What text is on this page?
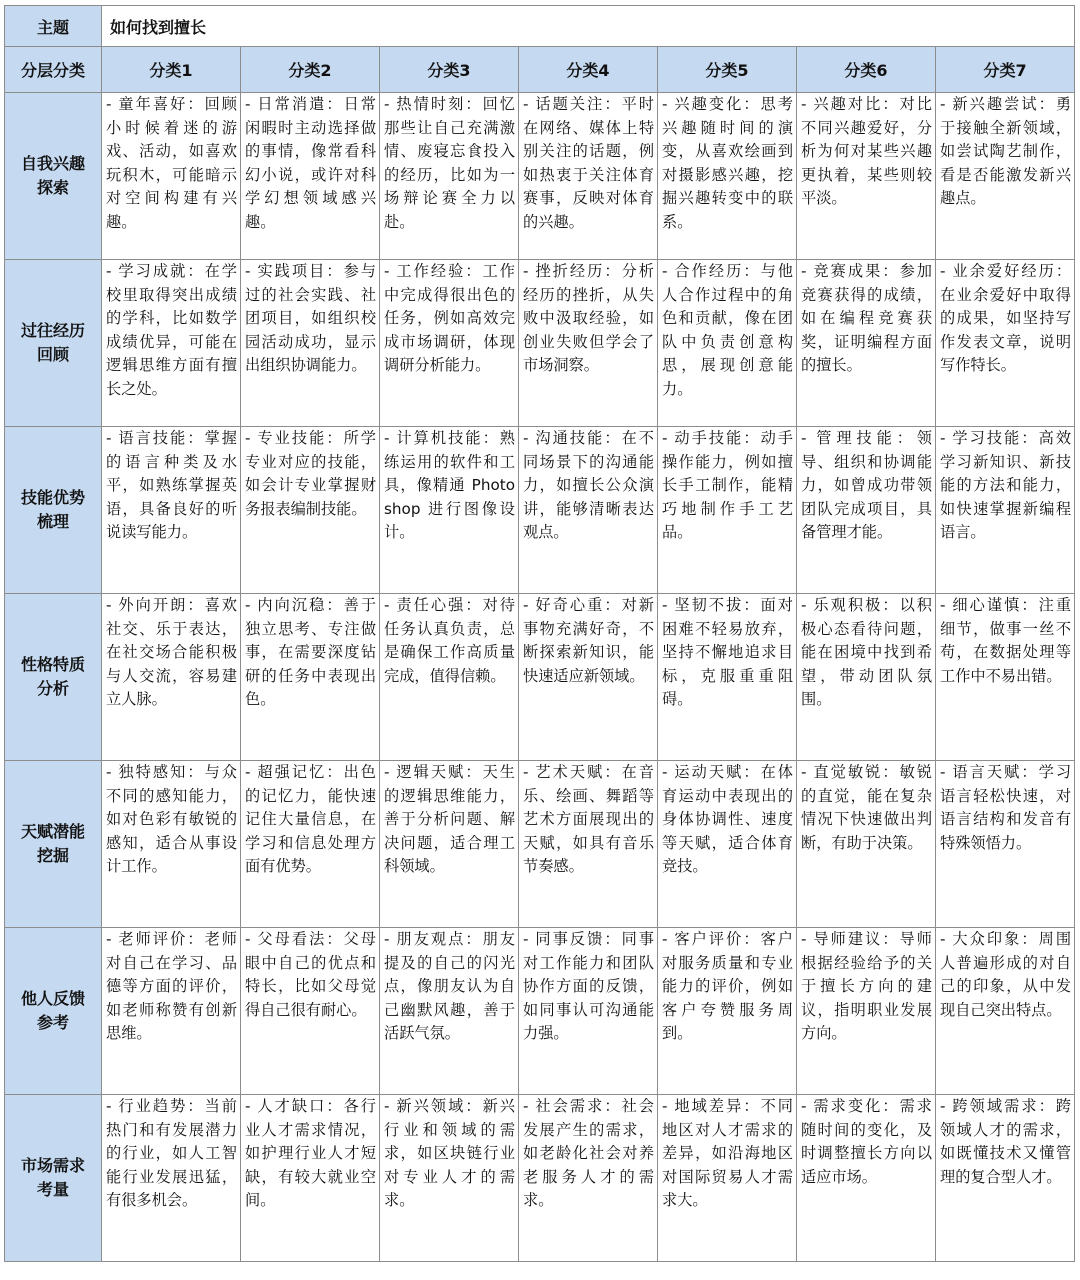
主题	如何找到擅长						
分层分类	分类1	分类2	分类3	分类4	分类5	分类6	分类7

自我兴趣
探索	- 童年喜好：回顾小时候着迷的游戏、活动，如喜欢玩积木，可能暗示对空间构建有兴趣。	- 日常消遣：日常闲暇时主动选择做的事情，像常看科幻小说，或许对科学幻想领域感兴趣。	- 热情时刻：回忆那些让自己充满激情、废寝忘食投入的经历，比如为一场辩论赛全力以赴。	- 话题关注：平时在网络、媒体上特别关注的话题，例如热衷于关注体育赛事，反映对体育的兴趣。	- 兴趣变化：思考兴趣随时间的演变，从喜欢绘画到对摄影感兴趣，挖掘兴趣转变中的联系。	- 兴趣对比：对比不同兴趣爱好，分析为何对某些兴趣更执着，某些则较平淡。	- 新兴趣尝试：勇于接触全新领域，如尝试陶艺制作，看是否能激发新兴趣点。

过往经历
回顾	- 学习成就：在学校里取得突出成绩的学科，比如数学成绩优异，可能在逻辑思维方面有擅长之处。	- 实践项目：参与过的社会实践、社团项目，如组织校园活动成功，显示出组织协调能力。	- 工作经验：工作中完成得很出色的任务，例如高效完成市场调研，体现调研分析能力。	- 挫折经历：分析经历的挫折，从失败中汲取经验，如创业失败但学会了市场洞察。	- 合作经历：与他人合作过程中的角色和贡献，像在团队中负责创意构思，展现创意能力。	- 竞赛成果：参加竞赛获得的成绩，如在编程竞赛获奖，证明编程方面的擅长。	- 业余爱好经历：在业余爱好中取得的成果，如坚持写作发表文章，说明写作特长。

技能优势
梳理	- 语言技能：掌握的语言种类及水平，如熟练掌握英语，具备良好的听说读写能力。	- 专业技能：所学专业对应的技能，如会计专业掌握财务报表编制技能。	- 计算机技能：熟练运用的软件和工具，像精通 Photoshop 进行图像设计。	- 沟通技能：在不同场景下的沟通能力，如擅长公众演讲，能够清晰表达观点。	- 动手技能：动手操作能力，例如擅长手工制作，能精巧地制作手工艺品。	- 管理技能：领导、组织和协调能力，如曾成功带领团队完成项目，具备管理才能。	- 学习技能：高效学习新知识、新技能的方法和能力，如快速掌握新编程语言。

性格特质
分析	- 外向开朗：喜欢社交、乐于表达，在社交场合能积极与人交流，容易建立人脉。	- 内向沉稳：善于独立思考、专注做事，在需要深度钻研的任务中表现出色。	- 责任心强：对待任务认真负责，总是确保工作高质量完成，值得信赖。	- 好奇心重：对新事物充满好奇，不断探索新知识，能快速适应新领域。	- 坚韧不拔：面对困难不轻易放弃，坚持不懈地追求目标，克服重重阻碍。	- 乐观积极：以积极心态看待问题，能在困境中找到希望，带动团队氛围。	- 细心谨慎：注重细节，做事一丝不苟，在数据处理等工作中不易出错。

天赋潜能
挖掘	- 独特感知：与众不同的感知能力，如对色彩有敏锐的感知，适合从事设计工作。	- 超强记忆：出色的记忆力，能快速记住大量信息，在学习和信息处理方面有优势。	- 逻辑天赋：天生的逻辑思维能力，善于分析问题、解决问题，适合理工科领域。	- 艺术天赋：在音乐、绘画、舞蹈等艺术方面展现出的天赋，如具有音乐节奏感。	- 运动天赋：在体育运动中表现出的身体协调性、速度等天赋，适合体育竞技。	- 直觉敏锐：敏锐的直觉，能在复杂情况下快速做出判断，有助于决策。	- 语言天赋：学习语言轻松快速，对语言结构和发音有特殊领悟力。

他人反馈
参考	- 老师评价：老师对自己在学习、品德等方面的评价，如老师称赞有创新思维。	- 父母看法：父母眼中自己的优点和特长，比如父母觉得自己很有耐心。	- 朋友观点：朋友提及的自己的闪光点，像朋友认为自己幽默风趣，善于活跃气氛。	- 同事反馈：同事对工作能力和团队协作方面的反馈，如同事认可沟通能力强。	- 客户评价：客户对服务质量和专业能力的评价，例如客户夸赞服务周到。	- 导师建议：导师根据经验给予的关于擅长方向的建议，指明职业发展方向。	- 大众印象：周围人普遍形成的对自己的印象，从中发现自己突出特点。

市场需求
考量	- 行业趋势：当前热门和有发展潜力的行业，如人工智能行业发展迅猛，有很多机会。	- 人才缺口：各行业人才需求情况，如护理行业人才短缺，有较大就业空间。	- 新兴领域：新兴行业和领域的需求，如区块链行业对专业人才的需求。	- 社会需求：社会发展产生的需求，如老龄化社会对养老服务人才的需求。	- 地域差异：不同地区对人才需求的差异，如沿海地区对国际贸易人才需求大。	- 需求变化：需求随时间的变化，及时调整擅长方向以适应市场。	- 跨领域需求：跨领域人才的需求，如既懂技术又懂管理的复合型人才。
